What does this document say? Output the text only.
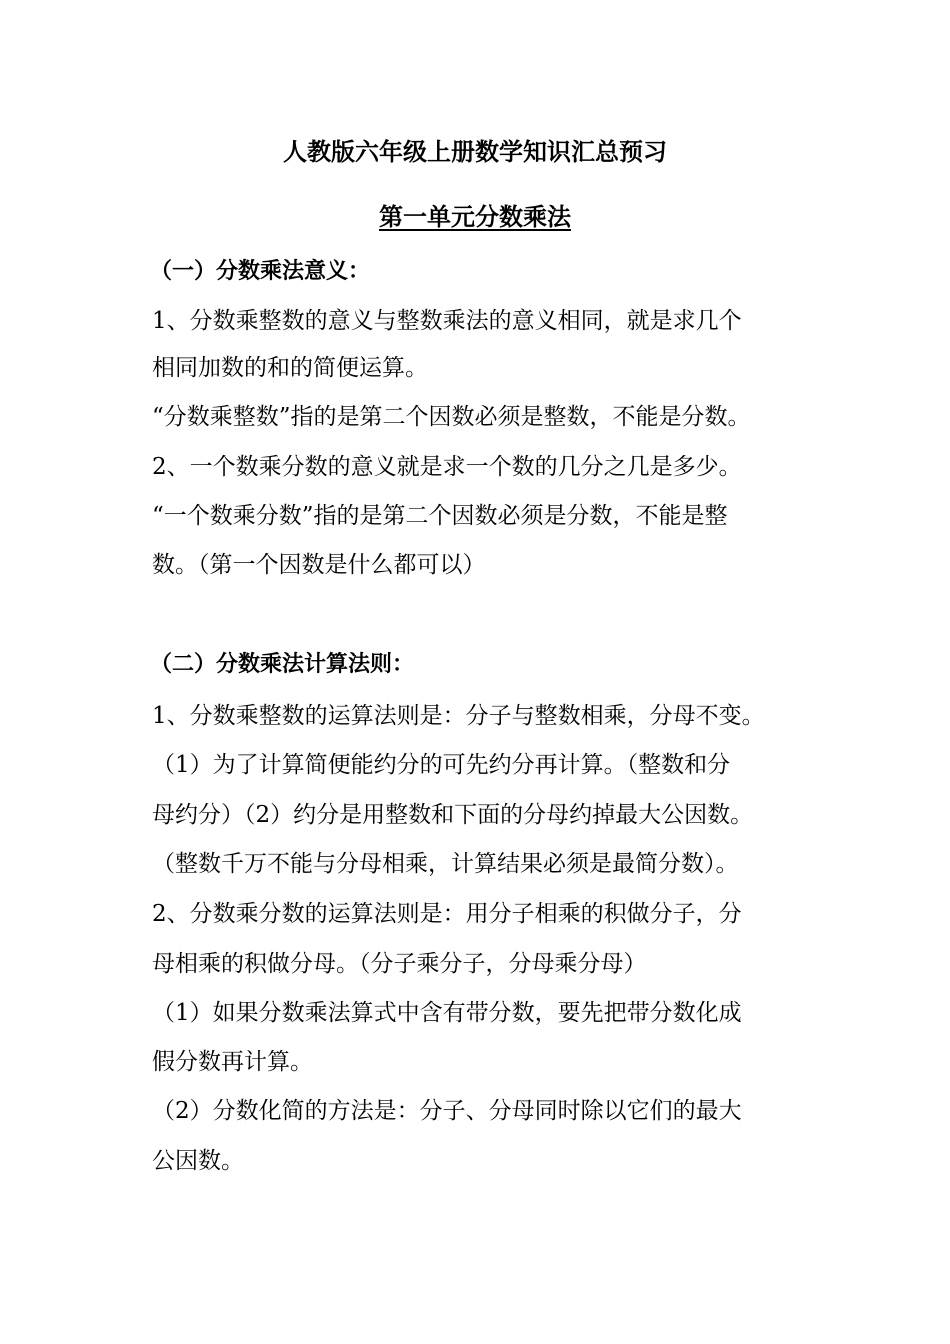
人教版六年级上册数学知识汇总预习
第一单元分数乘法
（一）分数乘法意义：
1、分数乘整数的意义与整数乘法的意义相同，就是求几个
相同加数的和的简便运算。
“分数乘整数”指的是第二个因数必须是整数，不能是分数。
2、一个数乘分数的意义就是求一个数的几分之几是多少。
“一个数乘分数”指的是第二个因数必须是分数，不能是整
数。（第一个因数是什么都可以）
（二）分数乘法计算法则：
1、分数乘整数的运算法则是：分子与整数相乘，分母不变。
（1）为了计算简便能约分的可先约分再计算。（整数和分
母约分）（2）约分是用整数和下面的分母约掉最大公因数。
（整数千万不能与分母相乘，计算结果必须是最简分数）。
2、分数乘分数的运算法则是：用分子相乘的积做分子，分
母相乘的积做分母。（分子乘分子，分母乘分母）
（1）如果分数乘法算式中含有带分数，要先把带分数化成
假分数再计算。
（2）分数化简的方法是：分子、分母同时除以它们的最大
公因数。
